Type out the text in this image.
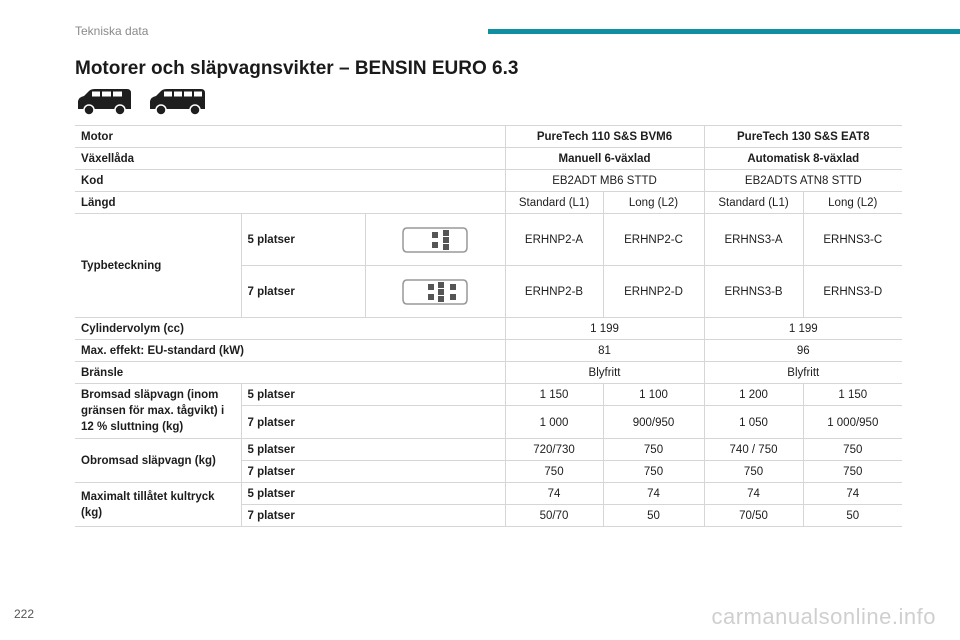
Tekniska data
Motorer och släpvagnsvikter – BENSIN EURO 6.3
Motor			PureTech 110 S&S BVM6		PureTech 130 S&S EAT8	
Växellåda			Manuell 6-växlad		Automatisk 8-växlad	
Kod			EB2ADT MB6 STTD		EB2ADTS ATN8 STTD	
Längd			Standard (L1)	Long (L2)	Standard (L1)	Long (L2)
Typbeteckning	5 platser		ERHNP2-A	ERHNP2-C	ERHNS3-A	ERHNS3-C
	7 platser		ERHNP2-B	ERHNP2-D	ERHNS3-B	ERHNS3-D
Cylindervolym (cc)			1 199		1 199	
Max. effekt: EU-standard (kW)			81		96	
Bränsle			Blyfritt		Blyfritt	
Bromsad släpvagn (inom gränsen för max. tågvikt) i 12 % sluttning (kg)	5 platser		1 150	1 100	1 200	1 150
	7 platser		1 000	900/950	1 050	1 000/950
Obromsad släpvagn (kg)	5 platser		720/730	750	740 / 750	750
	7 platser		750	750	750	750
Maximalt tillåtet kultryck (kg)	5 platser		74	74	74	74
	7 platser		50/70	50	70/50	50
222	carmanualsonline.info
